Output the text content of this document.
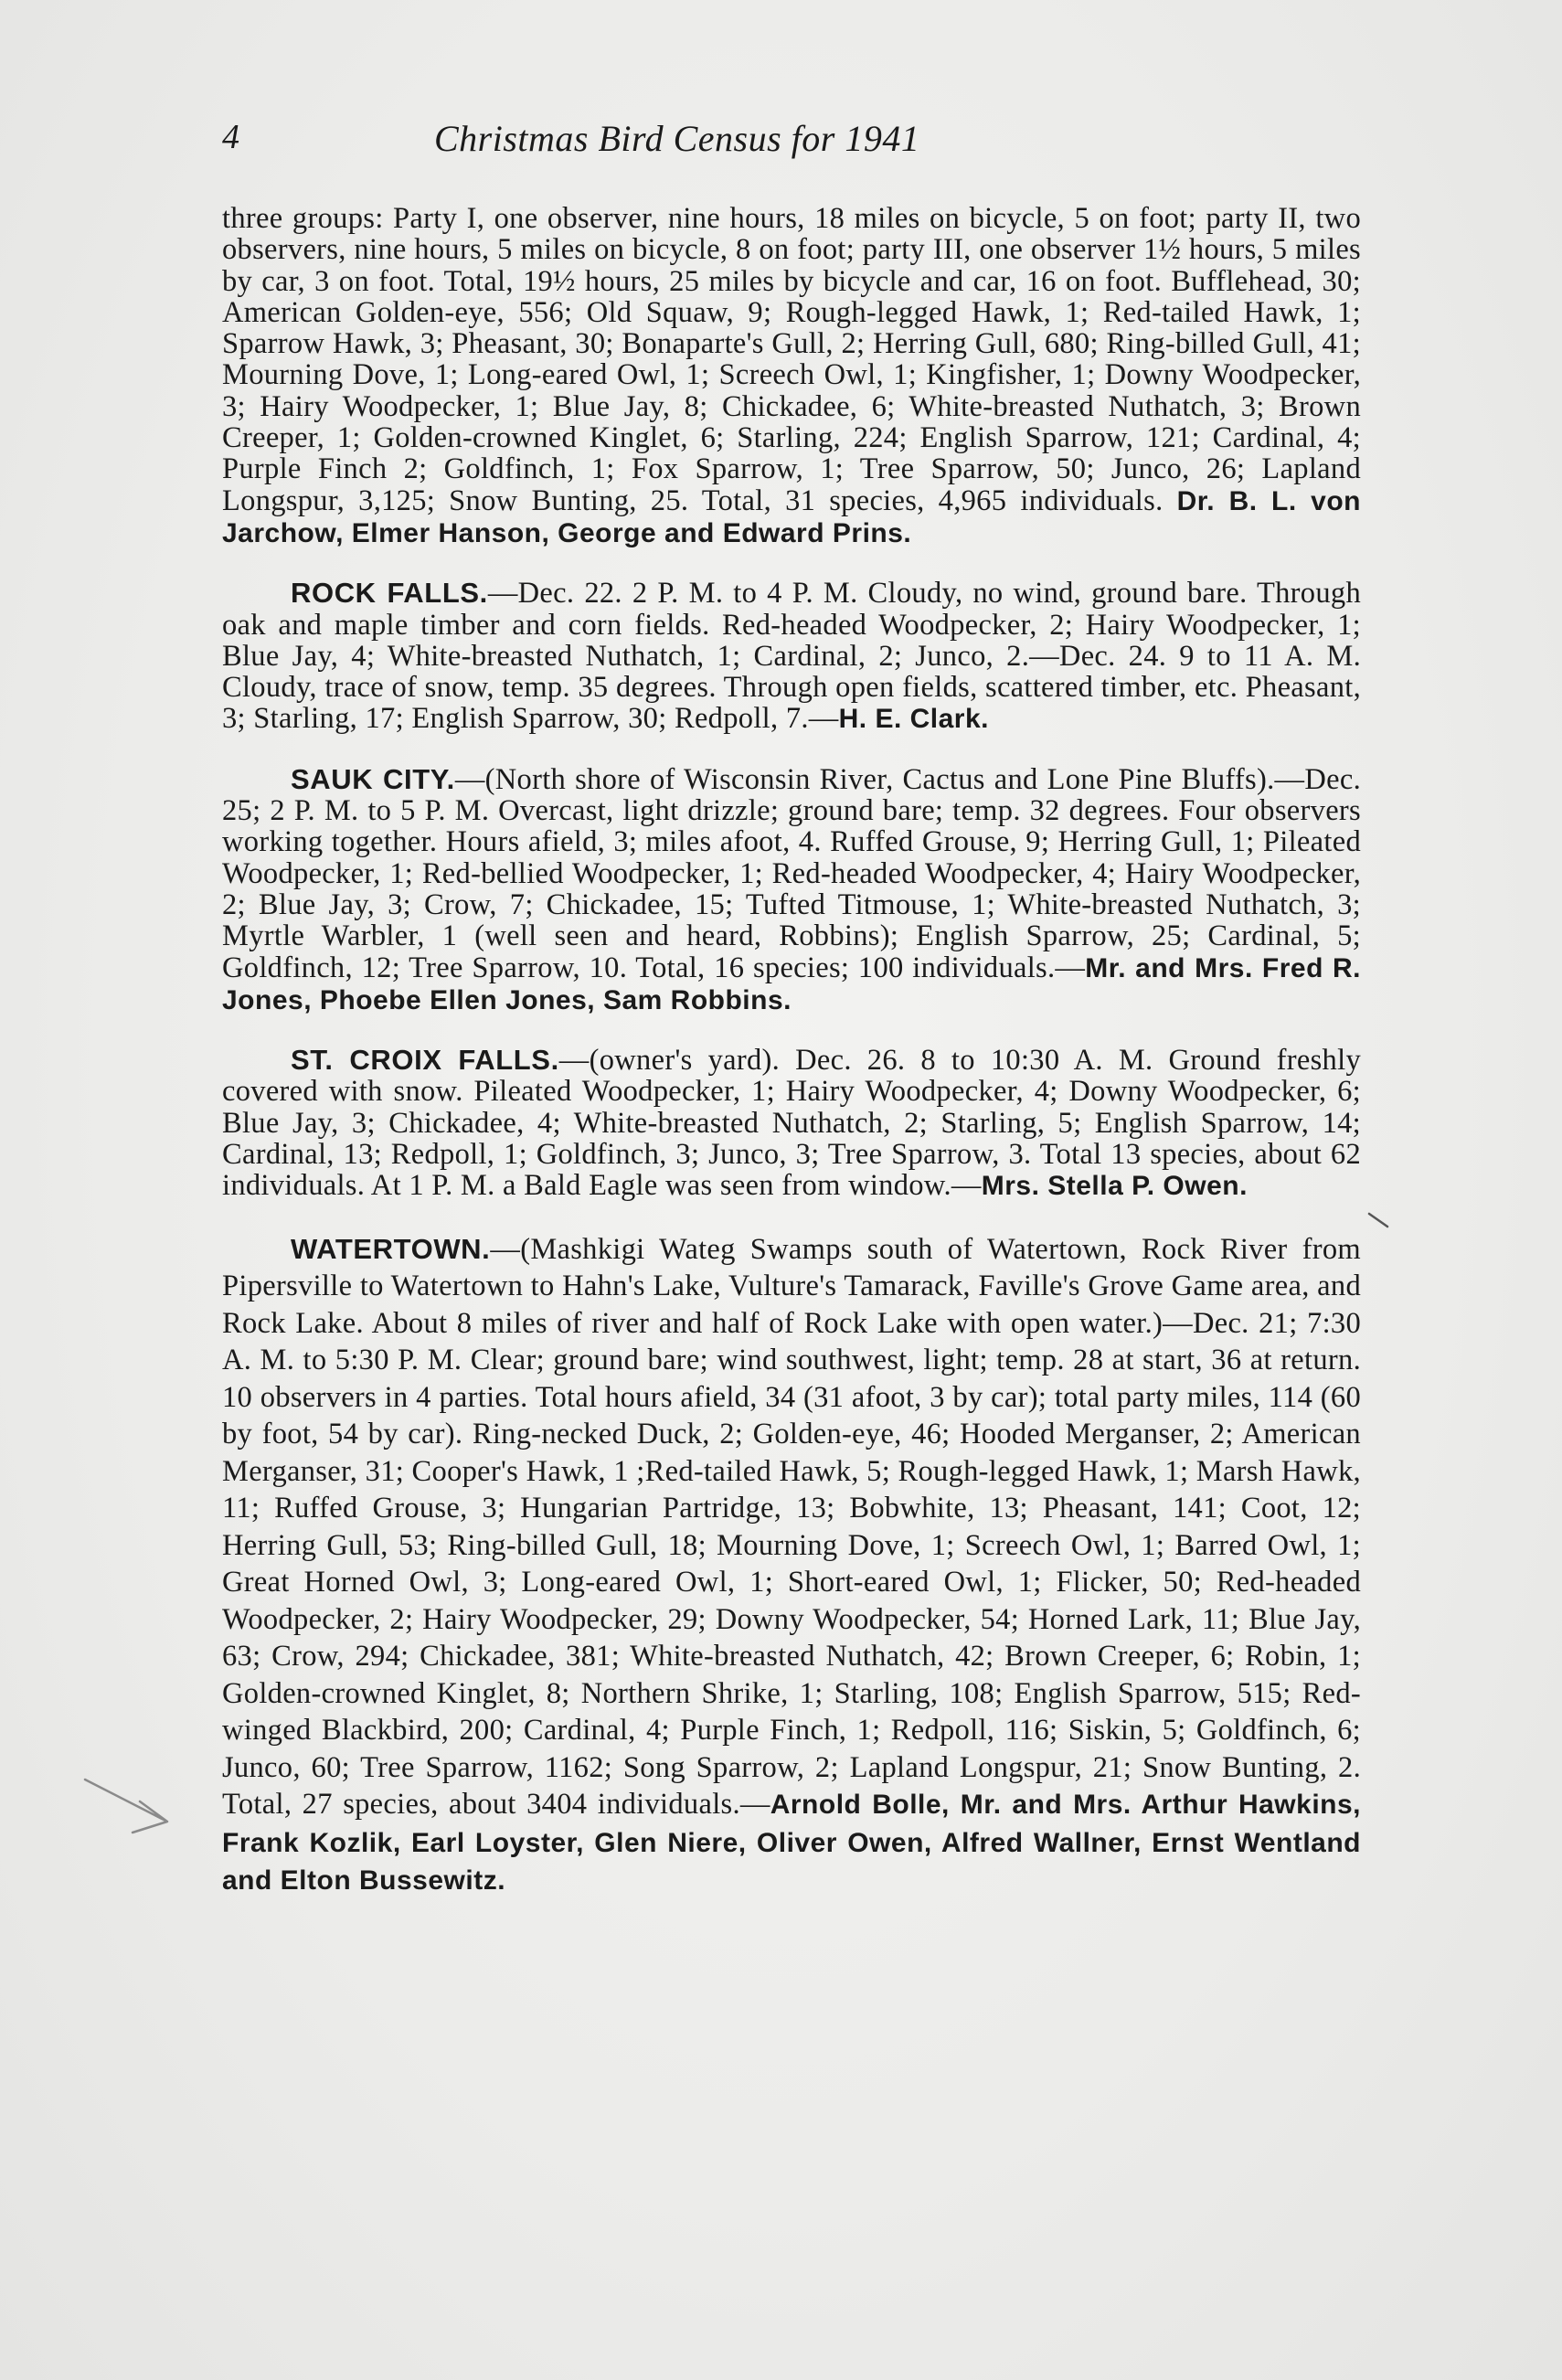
4	Christmas Bird Census for 1941

three groups: Party I, one observer, nine hours, 18 miles on bicycle, 5 on foot; party II, two observers, nine hours, 5 miles on bicycle, 8 on foot; party III, one observer 1½ hours, 5 miles by car, 3 on foot. Total, 19½ hours, 25 miles by bicycle and car, 16 on foot. Bufflehead, 30; American Golden-eye, 556; Old Squaw, 9; Rough-legged Hawk, 1; Red-tailed Hawk, 1; Sparrow Hawk, 3; Pheasant, 30; Bonaparte's Gull, 2; Herring Gull, 680; Ring-billed Gull, 41; Mourning Dove, 1; Long-eared Owl, 1; Screech Owl, 1; Kingfisher, 1; Downy Woodpecker, 3; Hairy Woodpecker, 1; Blue Jay, 8; Chickadee, 6; White-breasted Nuthatch, 3; Brown Creeper, 1; Golden-crowned Kinglet, 6; Starling, 224; English Sparrow, 121; Cardinal, 4; Purple Finch 2; Goldfinch, 1; Fox Sparrow, 1; Tree Sparrow, 50; Junco, 26; Lapland Longspur, 3,125; Snow Bunting, 25. Total, 31 species, 4,965 individuals. Dr. B. L. von Jarchow, Elmer Hanson, George and Edward Prins.

ROCK FALLS.—Dec. 22. 2 P. M. to 4 P. M. Cloudy, no wind, ground bare. Through oak and maple timber and corn fields. Red-headed Woodpecker, 2; Hairy Woodpecker, 1; Blue Jay, 4; White-breasted Nuthatch, 1; Cardinal, 2; Junco, 2.—Dec. 24. 9 to 11 A. M. Cloudy, trace of snow, temp. 35 degrees. Through open fields, scattered timber, etc. Pheasant, 3; Starling, 17; English Sparrow, 30; Redpoll, 7.—H. E. Clark.

SAUK CITY.—(North shore of Wisconsin River, Cactus and Lone Pine Bluffs).—Dec. 25; 2 P. M. to 5 P. M. Overcast, light drizzle; ground bare; temp. 32 degrees. Four observers working together. Hours afield, 3; miles afoot, 4. Ruffed Grouse, 9; Herring Gull, 1; Pileated Woodpecker, 1; Red-bellied Woodpecker, 1; Red-headed Woodpecker, 4; Hairy Woodpecker, 2; Blue Jay, 3; Crow, 7; Chickadee, 15; Tufted Titmouse, 1; White-breasted Nuthatch, 3; Myrtle Warbler, 1 (well seen and heard, Robbins); English Sparrow, 25; Cardinal, 5; Goldfinch, 12; Tree Sparrow, 10. Total, 16 species; 100 individuals.—Mr. and Mrs. Fred R. Jones, Phoebe Ellen Jones, Sam Robbins.

ST. CROIX FALLS.—(owner's yard). Dec. 26. 8 to 10:30 A. M. Ground freshly covered with snow. Pileated Woodpecker, 1; Hairy Woodpecker, 4; Downy Woodpecker, 6; Blue Jay, 3; Chickadee, 4; White-breasted Nuthatch, 2; Starling, 5; English Sparrow, 14; Cardinal, 13; Redpoll, 1; Goldfinch, 3; Junco, 3; Tree Sparrow, 3. Total 13 species, about 62 individuals. At 1 P. M. a Bald Eagle was seen from window.—Mrs. Stella P. Owen.

WATERTOWN.—(Mashkigi Wateg Swamps south of Watertown, Rock River from Pipersville to Watertown to Hahn's Lake, Vulture's Tamarack, Faville's Grove Game area, and Rock Lake. About 8 miles of river and half of Rock Lake with open water.)—Dec. 21; 7:30 A. M. to 5:30 P. M. Clear; ground bare; wind southwest, light; temp. 28 at start, 36 at return. 10 observers in 4 parties. Total hours afield, 34 (31 afoot, 3 by car); total party miles, 114 (60 by foot, 54 by car). Ring-necked Duck, 2; Golden-eye, 46; Hooded Merganser, 2; American Merganser, 31; Cooper's Hawk, 1 ;Red-tailed Hawk, 5; Rough-legged Hawk, 1; Marsh Hawk, 11; Ruffed Grouse, 3; Hungarian Partridge, 13; Bobwhite, 13; Pheasant, 141; Coot, 12; Herring Gull, 53; Ring-billed Gull, 18; Mourning Dove, 1; Screech Owl, 1; Barred Owl, 1; Great Horned Owl, 3; Long-eared Owl, 1; Short-eared Owl, 1; Flicker, 50; Red-headed Woodpecker, 2; Hairy Woodpecker, 29; Downy Woodpecker, 54; Horned Lark, 11; Blue Jay, 63; Crow, 294; Chickadee, 381; White-breasted Nuthatch, 42; Brown Creeper, 6; Robin, 1; Golden-crowned Kinglet, 8; Northern Shrike, 1; Starling, 108; English Sparrow, 515; Red-winged Blackbird, 200; Cardinal, 4; Purple Finch, 1; Redpoll, 116; Siskin, 5; Goldfinch, 6; Junco, 60; Tree Sparrow, 1162; Song Sparrow, 2; Lapland Longspur, 21; Snow Bunting, 2. Total, 27 species, about 3404 individuals.—Arnold Bolle, Mr. and Mrs. Arthur Hawkins, Frank Kozlik, Earl Loyster, Glen Niere, Oliver Owen, Alfred Wallner, Ernst Wentland and Elton Bussewitz.
